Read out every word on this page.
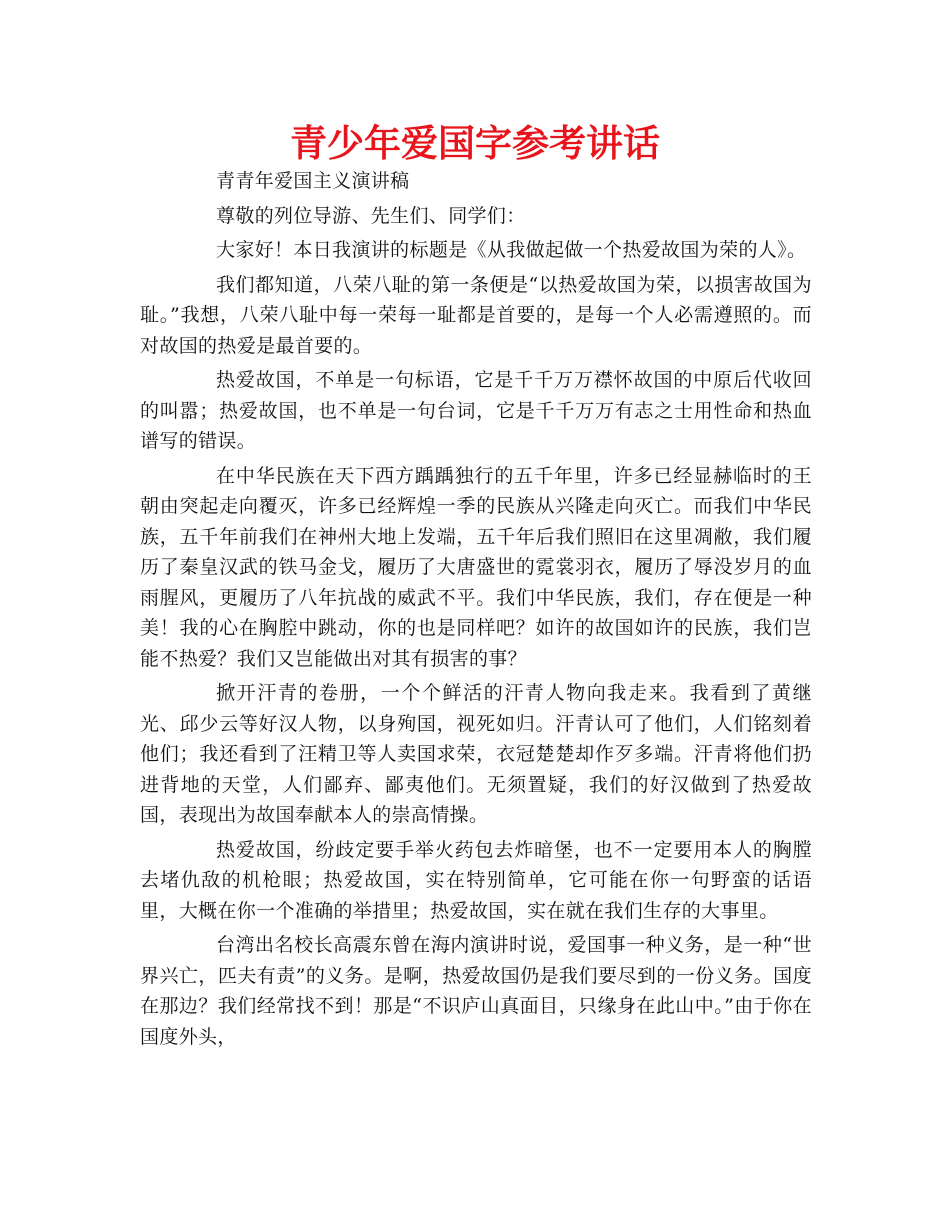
青少年爱国字参考讲话

青青年爱国主义演讲稿

尊敬的列位导游、先生们、同学们：

大家好！本日我演讲的标题是《从我做起做一个热爱故国为荣的人》。

我们都知道，八荣八耻的第一条便是“以热爱故国为荣，以损害故国为耻。”我想，八荣八耻中每一荣每一耻都是首要的，是每一个人必需遵照的。而对故国的热爱是最首要的。

热爱故国，不单是一句标语，它是千千万万襟怀故国的中原后代收回的叫嚣；热爱故国，也不单是一句台词，它是千千万万有志之士用性命和热血谱写的错误。

在中华民族在天下西方踽踽独行的五千年里，许多已经显赫临时的王朝由突起走向覆灭，许多已经辉煌一季的民族从兴隆走向灭亡。而我们中华民族，五千年前我们在神州大地上发端，五千年后我们照旧在这里凋敝，我们履历了秦皇汉武的铁马金戈，履历了大唐盛世的霓裳羽衣，履历了辱没岁月的血雨腥风，更履历了八年抗战的威武不平。我们中华民族，我们，存在便是一种美！我的心在胸腔中跳动，你的也是同样吧？如许的故国如许的民族，我们岂能不热爱？我们又岂能做出对其有损害的事？

掀开汗青的卷册，一个个鲜活的汗青人物向我走来。我看到了黄继光、邱少云等好汉人物，以身殉国，视死如归。汗青认可了他们，人们铭刻着他们；我还看到了汪精卫等人卖国求荣，衣冠楚楚却作歹多端。汗青将他们扔进背地的天堂，人们鄙弃、鄙夷他们。无须置疑，我们的好汉做到了热爱故国，表现出为故国奉献本人的崇高情操。

热爱故国，纷歧定要手举火药包去炸暗堡，也不一定要用本人的胸膛去堵仇敌的机枪眼；热爱故国，实在特别简单，它可能在你一句野蛮的话语里，大概在你一个准确的举措里；热爱故国，实在就在我们生存的大事里。

台湾出名校长高震东曾在海内演讲时说，爱国事一种义务，是一种“世界兴亡，匹夫有责”的义务。是啊，热爱故国仍是我们要尽到的一份义务。国度在那边？我们经常找不到！那是“不识庐山真面目，只缘身在此山中。”由于你在国度外头，
